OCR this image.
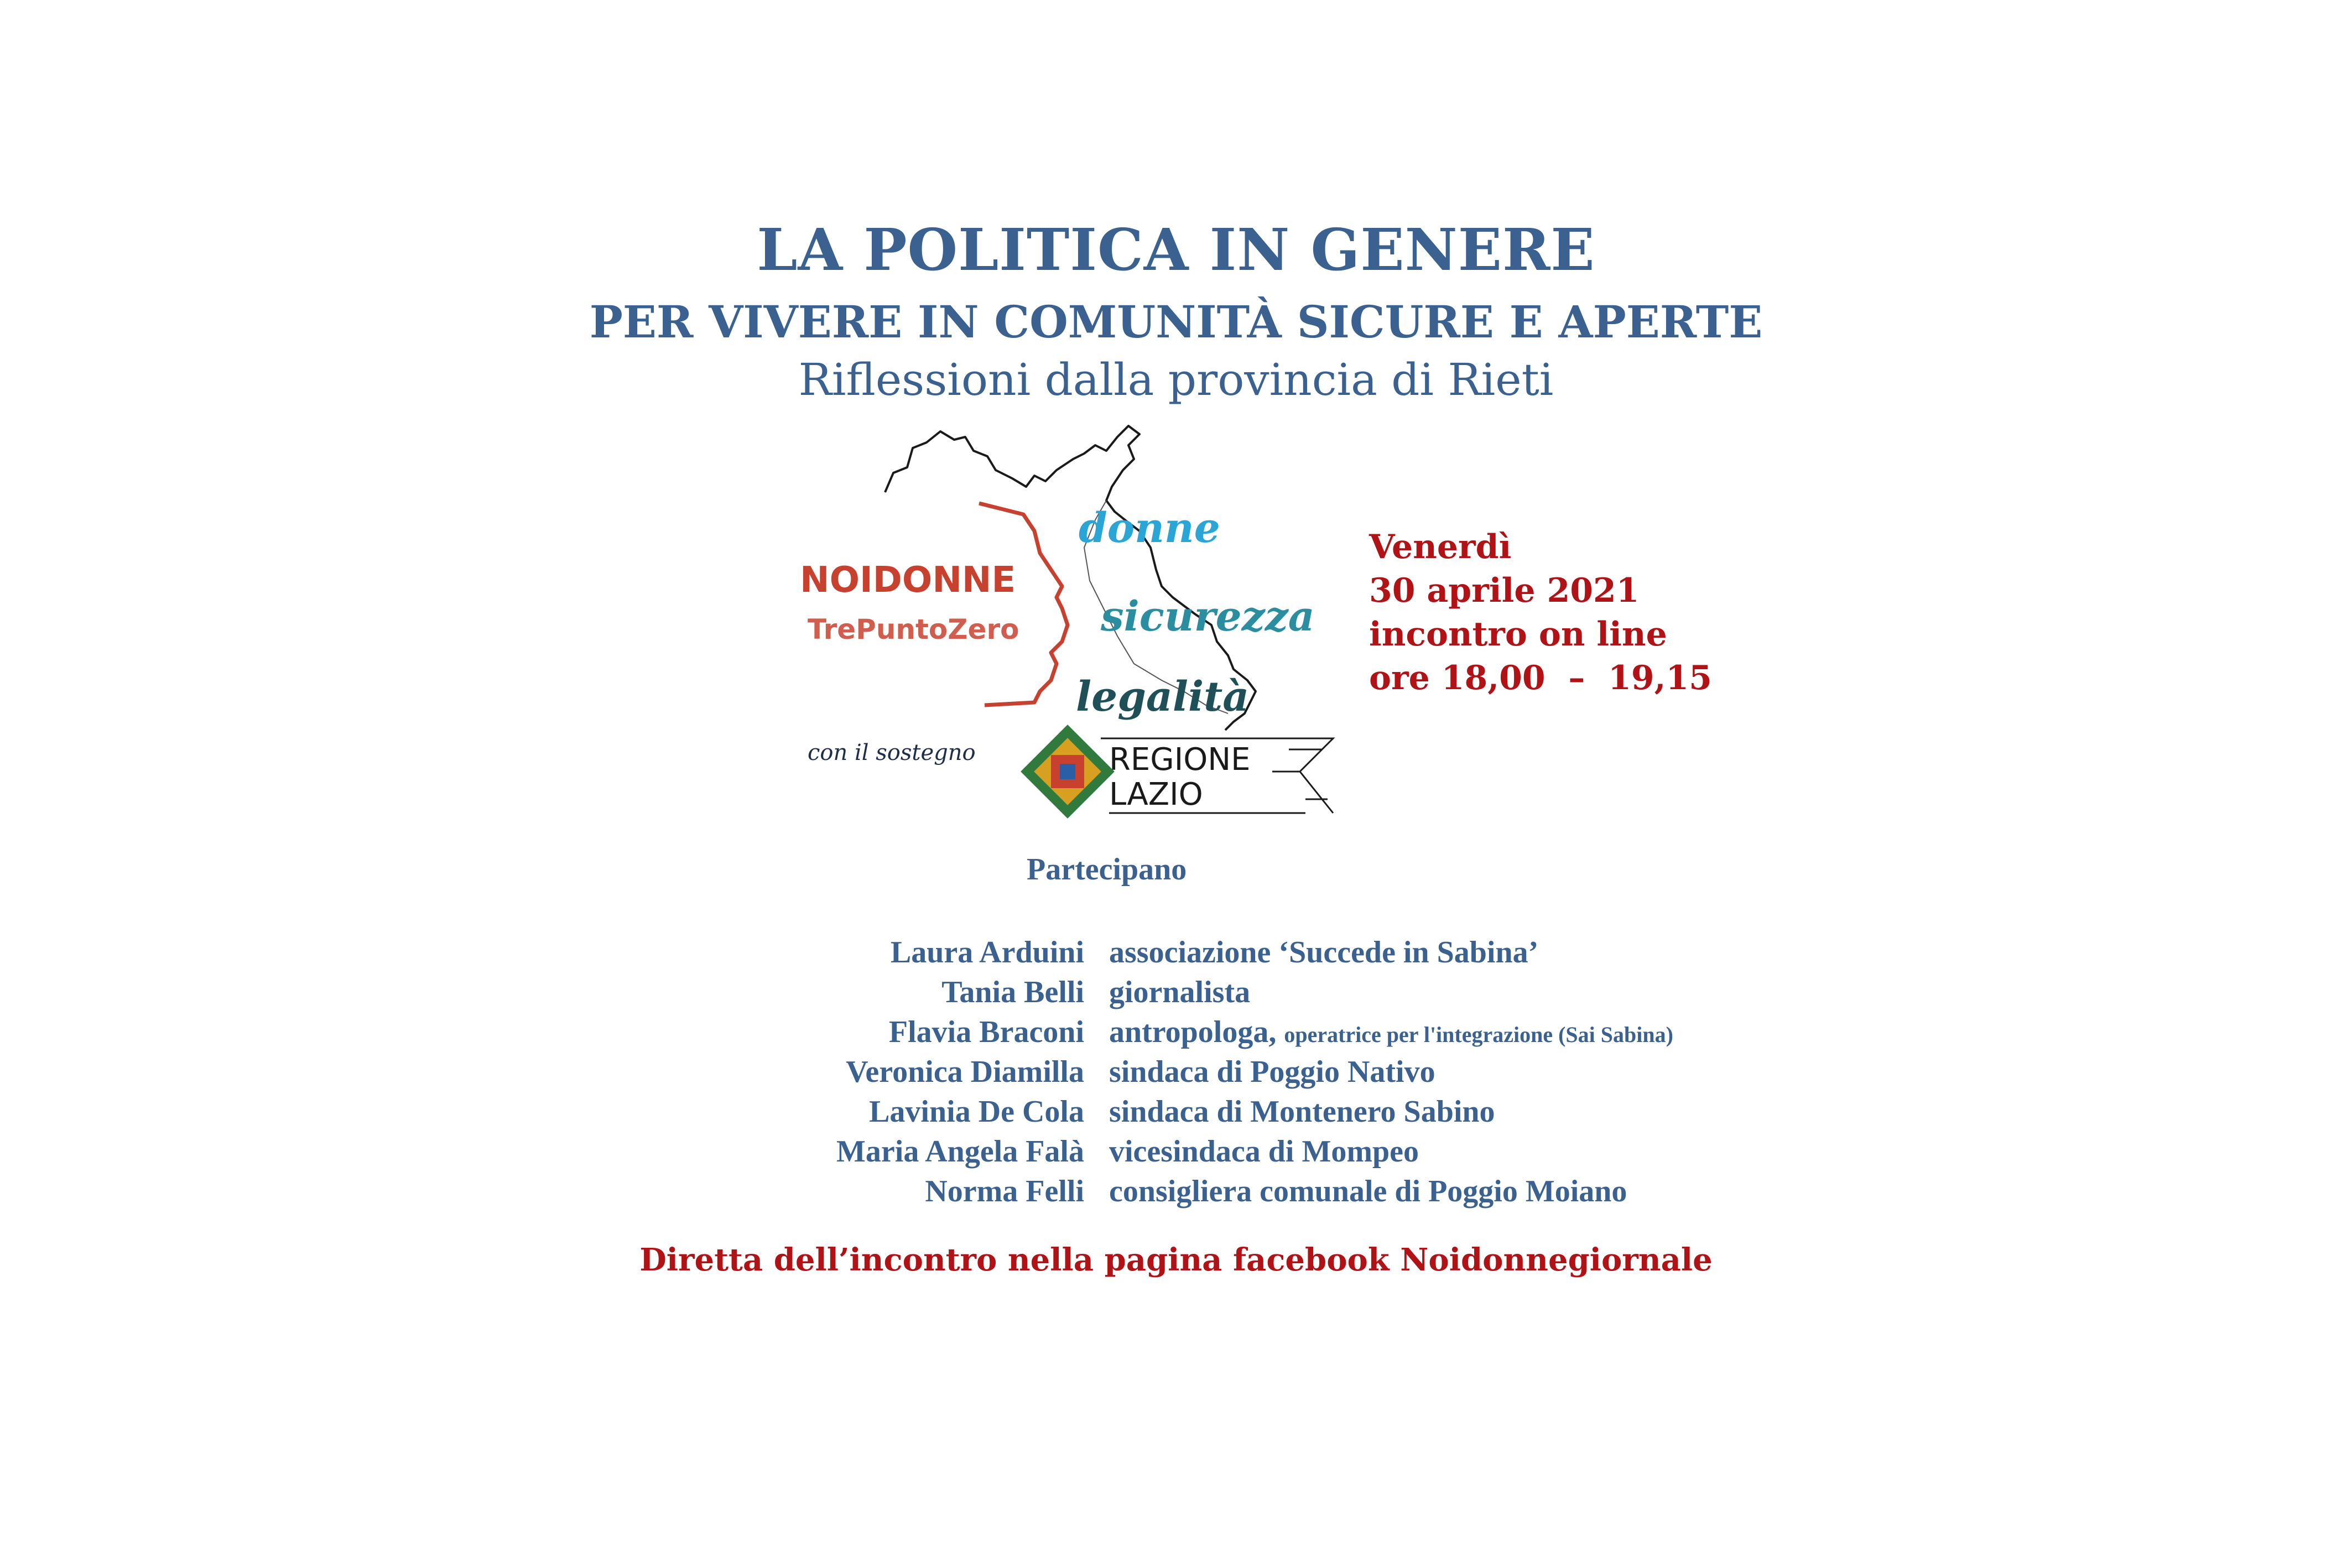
LA POLITICA IN GENERE
PER VIVERE IN COMUNITÀ SICURE E APERTE
Riflessioni dalla provincia di Rieti
NOIDONNE
TrePuntoZero
donne
sicurezza
legalità
REGIONE
LAZIO
con il sostegno
Venerdì
30 aprile 2021
incontro on line
ore 18,00  –  19,15
Partecipano
Laura Arduini associazione ‘Succede in Sabina’
Tania Belli giornalista
Flavia Braconi antropologa, operatrice per l'integrazione (Sai Sabina)
Veronica Diamilla sindaca di Poggio Nativo
Lavinia De Cola sindaca di Montenero Sabino
Maria Angela Falà vicesindaca di Mompeo
Norma Felli consigliera comunale di Poggio Moiano
Diretta dell’incontro nella pagina facebook Noidonnegiornale
